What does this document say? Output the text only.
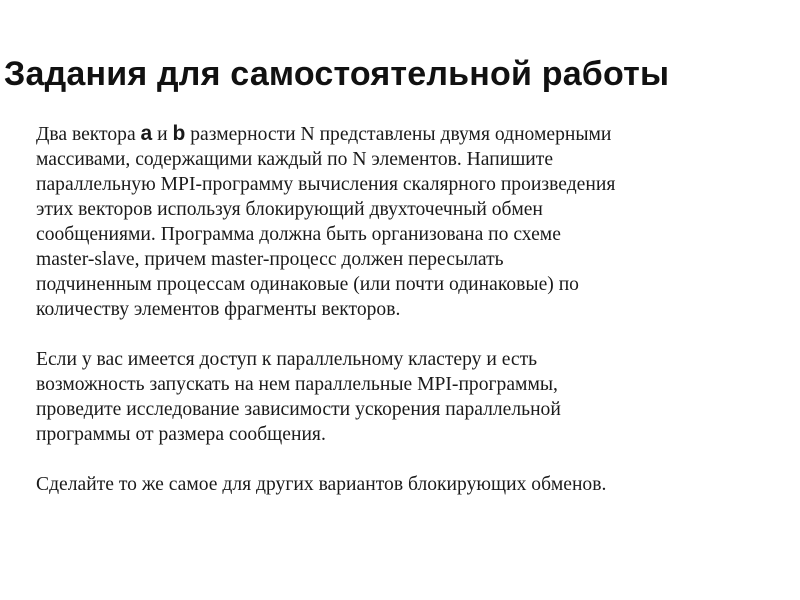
Задания для самостоятельной работы

Два вектора a и b размерности N представлены двумя одномерными
массивами, содержащими каждый по N элементов. Напишите
параллельную MPI-программу вычисления скалярного произведения
этих векторов используя блокирующий двухточечный обмен
сообщениями. Программа должна быть организована по схеме
master-slave, причем master-процесс должен пересылать
подчиненным процессам одинаковые (или почти одинаковые) по
количеству элементов фрагменты векторов.

Если у вас имеется доступ к параллельному кластеру и есть
возможность запускать на нем параллельные MPI-программы,
проведите исследование зависимости ускорения параллельной
программы от размера сообщения.

Сделайте то же самое для других вариантов блокирующих обменов.
